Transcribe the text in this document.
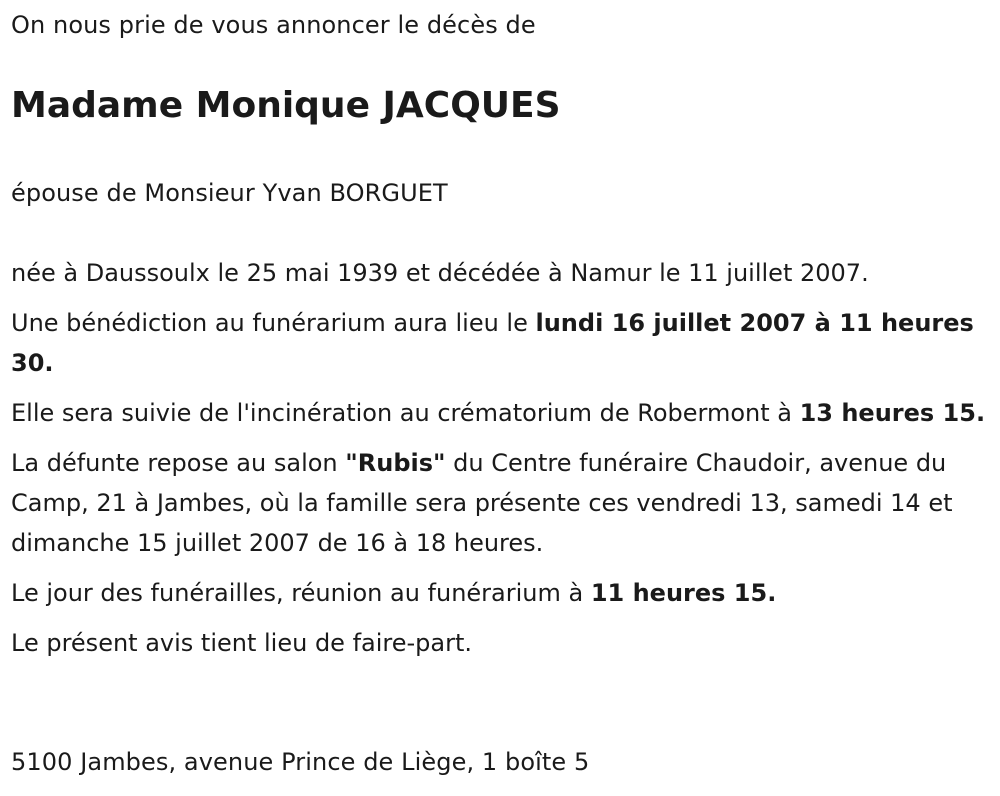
On nous prie de vous annoncer le décès de

Madame Monique JACQUES

épouse de Monsieur Yvan BORGUET

née à Daussoulx le 25 mai 1939 et décédée à Namur le 11 juillet 2007.

Une bénédiction au funérarium aura lieu le lundi 16 juillet 2007 à 11 heures 30.

Elle sera suivie de l'incinération au crématorium de Robermont à 13 heures 15.

La défunte repose au salon "Rubis" du Centre funéraire Chaudoir, avenue du Camp, 21 à Jambes, où la famille sera présente ces vendredi 13, samedi 14 et dimanche 15 juillet 2007 de 16 à 18 heures.

Le jour des funérailles, réunion au funérarium à 11 heures 15.

Le présent avis tient lieu de faire-part.

5100 Jambes, avenue Prince de Liège, 1 boîte 5
